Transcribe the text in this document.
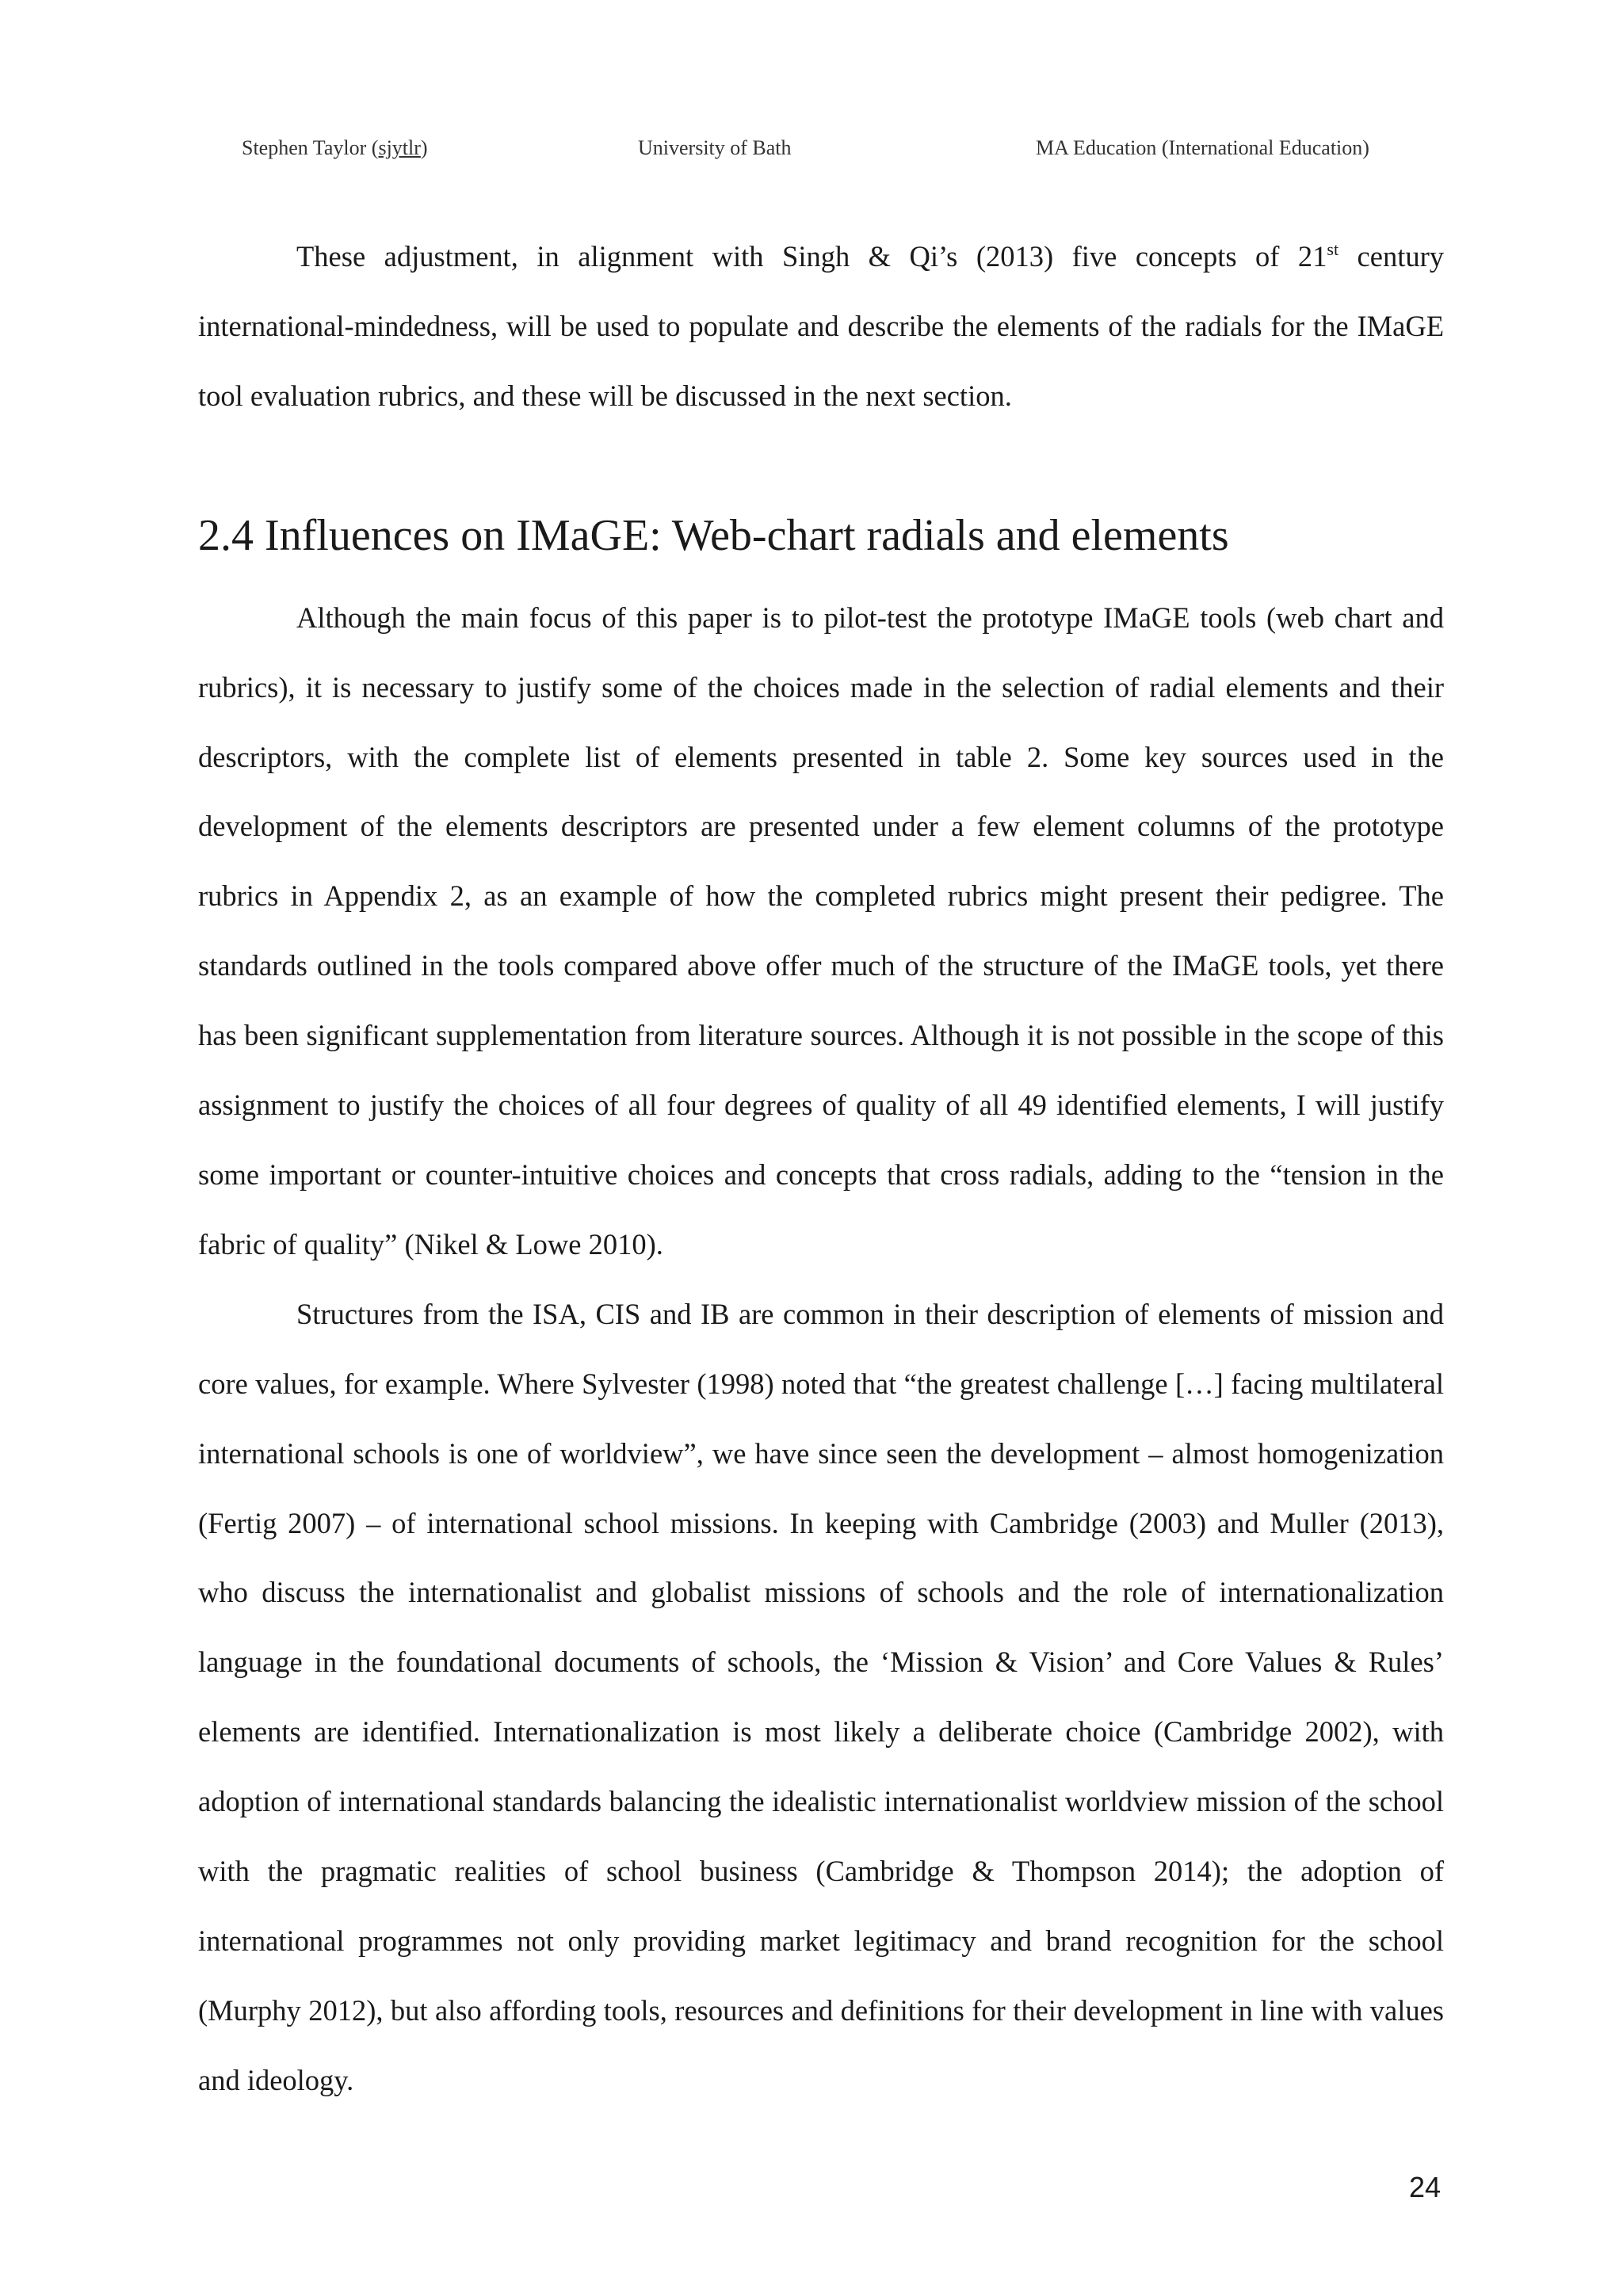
Stephen Taylor (sjytlr)	University of Bath	MA Education (International Education)

These adjustment, in alignment with Singh & Qi’s (2013) five concepts of 21st century international-mindedness, will be used to populate and describe the elements of the radials for the IMaGE tool evaluation rubrics, and these will be discussed in the next section.

2.4 Influences on IMaGE: Web-chart radials and elements

Although the main focus of this paper is to pilot-test the prototype IMaGE tools (web chart and rubrics), it is necessary to justify some of the choices made in the selection of radial elements and their descriptors, with the complete list of elements presented in table 2. Some key sources used in the development of the elements descriptors are presented under a few element columns of the prototype rubrics in Appendix 2, as an example of how the completed rubrics might present their pedigree. The standards outlined in the tools compared above offer much of the structure of the IMaGE tools, yet there has been significant supplementation from literature sources. Although it is not possible in the scope of this assignment to justify the choices of all four degrees of quality of all 49 identified elements, I will justify some important or counter-intuitive choices and concepts that cross radials, adding to the “tension in the fabric of quality” (Nikel & Lowe 2010).

Structures from the ISA, CIS and IB are common in their description of elements of mission and core values, for example. Where Sylvester (1998) noted that “the greatest challenge […] facing multilateral international schools is one of worldview”, we have since seen the development – almost homogenization (Fertig 2007) – of international school missions. In keeping with Cambridge (2003) and Muller (2013), who discuss the internationalist and globalist missions of schools and the role of internationalization language in the foundational documents of schools, the ‘Mission & Vision’ and Core Values & Rules’ elements are identified. Internationalization is most likely a deliberate choice (Cambridge 2002), with adoption of international standards balancing the idealistic internationalist worldview mission of the school with the pragmatic realities of school business (Cambridge & Thompson 2014); the adoption of international programmes not only providing market legitimacy and brand recognition for the school (Murphy 2012), but also affording tools, resources and definitions for their development in line with values and ideology.

24
